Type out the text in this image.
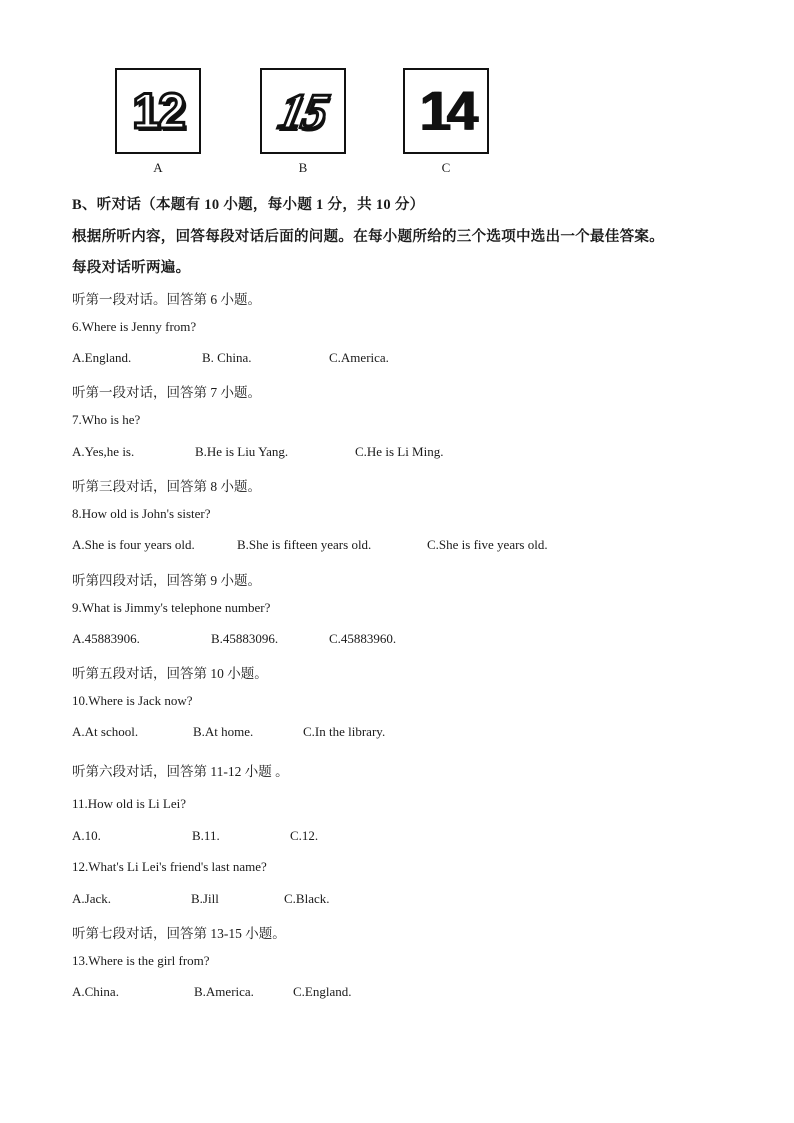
12
A
15
B
14
C
B、听对话（本题有 10 小题，每小题 1 分，共 10 分）
根据所听内容，回答每段对话后面的问题。在每小题所给的三个选项中选出一个最佳答案。
每段对话听两遍。
听第一段对话。回答第 6 小题。
6.Where is Jenny from?
A.England.	B. China.	C.America.
听第一段对话，回答第 7 小题。
7.Who is he?
A.Yes,he is.	B.He is Liu Yang.	C.He is Li Ming.
听第三段对话，回答第 8 小题。
8.How old is John's sister?
A.She is four years old.	B.She is fifteen years old.	C.She is five years old.
听第四段对话，回答第 9 小题。
9.What is Jimmy's telephone number?
A.45883906.	B.45883096.	C.45883960.
听第五段对话，回答第 10 小题。
10.Where is Jack now?
A.At school.	B.At home.	C.In the library.
听第六段对话，回答第 11-12 小题 。
11.How old is Li Lei?
A.10.	B.11.	C.12.
12.What's Li Lei's friend's last name?
A.Jack.	B.Jill	C.Black.
听第七段对话，回答第 13-15 小题。
13.Where is the girl from?
A.China.	B.America.	C.England.
